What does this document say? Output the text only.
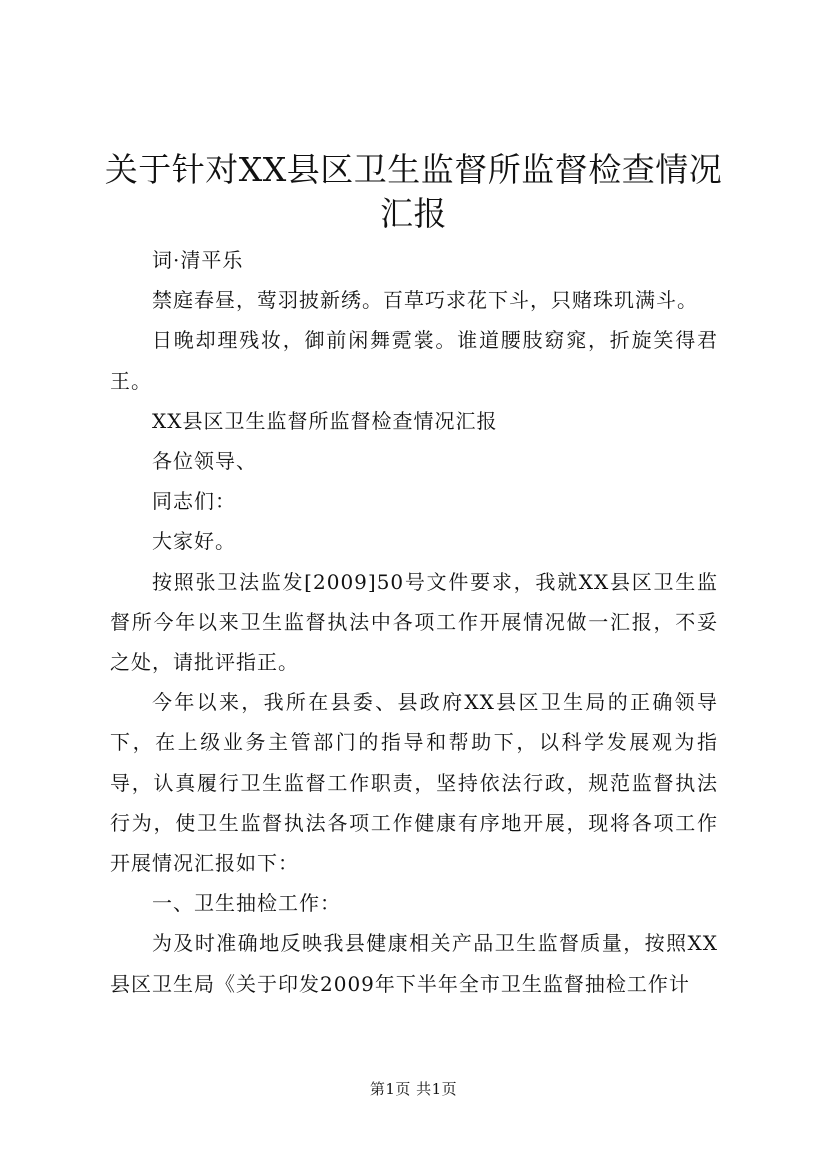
关于针对XX县区卫生监督所监督检查情况汇报

词·清平乐

禁庭春昼，莺羽披新绣。百草巧求花下斗，只赌珠玑满斗。

日晚却理残妆，御前闲舞霓裳。谁道腰肢窈窕，折旋笑得君王。

XX县区卫生监督所监督检查情况汇报

各位领导、

同志们：

大家好。

按照张卫法监发[2009]50号文件要求，我就XX县区卫生监督所今年以来卫生监督执法中各项工作开展情况做一汇报，不妥之处，请批评指正。

今年以来，我所在县委、县政府XX县区卫生局的正确领导下，在上级业务主管部门的指导和帮助下，以科学发展观为指导，认真履行卫生监督工作职责，坚持依法行政，规范监督执法行为，使卫生监督执法各项工作健康有序地开展，现将各项工作开展情况汇报如下：

一、卫生抽检工作：

为及时准确地反映我县健康相关产品卫生监督质量，按照XX县区卫生局《关于印发2009年下半年全市卫生监督抽检工作计

第1页 共1页
